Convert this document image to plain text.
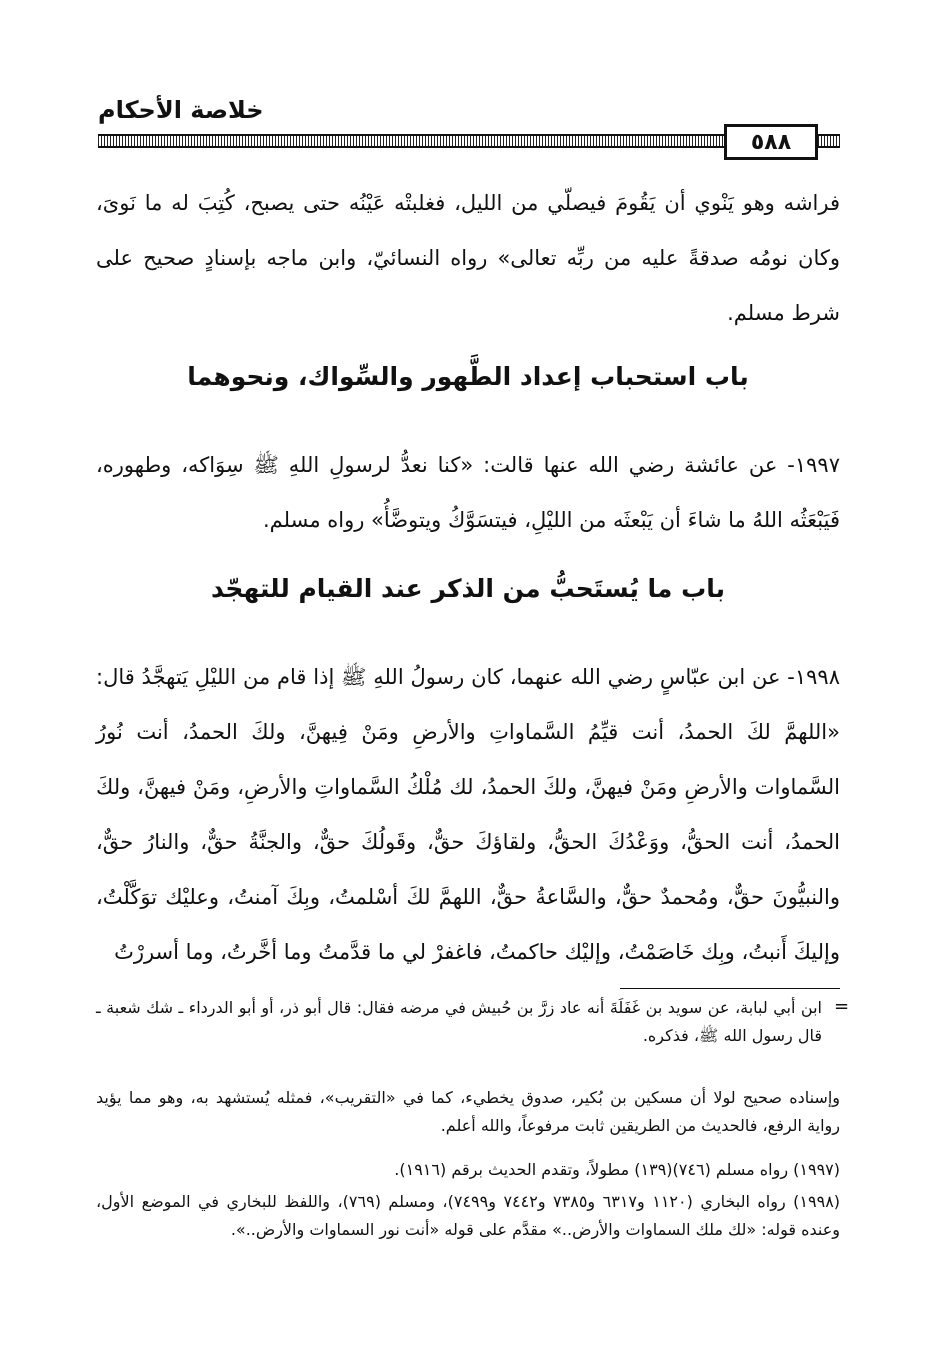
خلاصة الأحكام
٥٨٨
فراشه وهو يَنْوي أن يَقُومَ فيصلّي من الليل، فغلبتْه عَيْنُه حتى يصبح، كُتِبَ له ما نَوىَ، وكان نومُه صدقةً عليه من ربِّه تعالى» رواه النسائيّ، وابن ماجه بإسنادٍ صحيح على شرط مسلم.
باب استحباب إعداد الطَّهور والسِّواك، ونحوهما
١٩٩٧- عن عائشة رضي الله عنها قالت: «كنا نعدُّ لرسولِ اللهِ ﷺ سِوَاكه، وطهوره، فَيَبْعَثُه اللهُ ما شاءَ أن يَبْعثَه من الليْلِ، فيتسَوَّكُ ويتوضَّأُ» رواه مسلم.
باب ما يُستَحبُّ من الذكر عند القيام للتهجّد
١٩٩٨- عن ابن عبّاسٍ رضي الله عنهما، كان رسولُ اللهِ ﷺ إذا قام من الليْلِ يَتهجَّدُ قال: «اللهمَّ لكَ الحمدُ، أنت قيِّمُ السَّماواتِ والأرضِ ومَنْ فِيهنَّ، ولكَ الحمدُ، أنت نُورُ السَّماوات والأرضِ ومَنْ فيهنَّ، ولكَ الحمدُ، لك مُلْكُ السَّماواتِ والأرضِ، ومَنْ فيهنَّ، ولكَ الحمدُ، أنت الحقُّ، ووَعْدُكَ الحقُّ، ولقاؤكَ حقٌّ، وقَولُكَ حقٌّ، والجنَّةُ حقٌّ، والنارُ حقٌّ، والنبيُّونَ حقٌّ، ومُحمدٌ حقٌّ، والسَّاعةُ حقٌّ، اللهمَّ لكَ أسْلمتُ، وبِكَ آمنتُ، وعليْك توَكَّلْتُ، وإليكَ أَنبتُ، وبِك خَاصَمْتُ، وإليْك حاكمتُ، فاغفرْ لي ما قدَّمتُ وما أخَّرتُ، وما أسررْتُ
=
ابن أبي لبابة، عن سويد بن غَفَلَةَ أنه عاد زرَّ بن حُبيش في مرضه فقال: قال أبو ذر، أو أبو الدرداء ـ شك شعبة ـ قال رسول الله ﷺ، فذكره.
وإسناده صحيح لولا أن مسكين بن بُكير، صدوق يخطيء، كما في «التقريب»، فمثله يُستشهد به، وهو مما يؤيد رواية الرفع، فالحديث من الطريقين ثابت مرفوعاً، والله أعلم.
(١٩٩٧) رواه مسلم (٧٤٦)(١٣٩) مطولاً، وتقدم الحديث برقم (١٩١٦).
(١٩٩٨) رواه البخاري (١١٢٠ و٦٣١٧ و٧٣٨٥ و٧٤٤٢ و٧٤٩٩)، ومسلم (٧٦٩)، واللفظ للبخاري في الموضع الأول، وعنده قوله: «لك ملك السماوات والأرض..» مقدَّم على قوله «أنت نور السماوات والأرض..».
